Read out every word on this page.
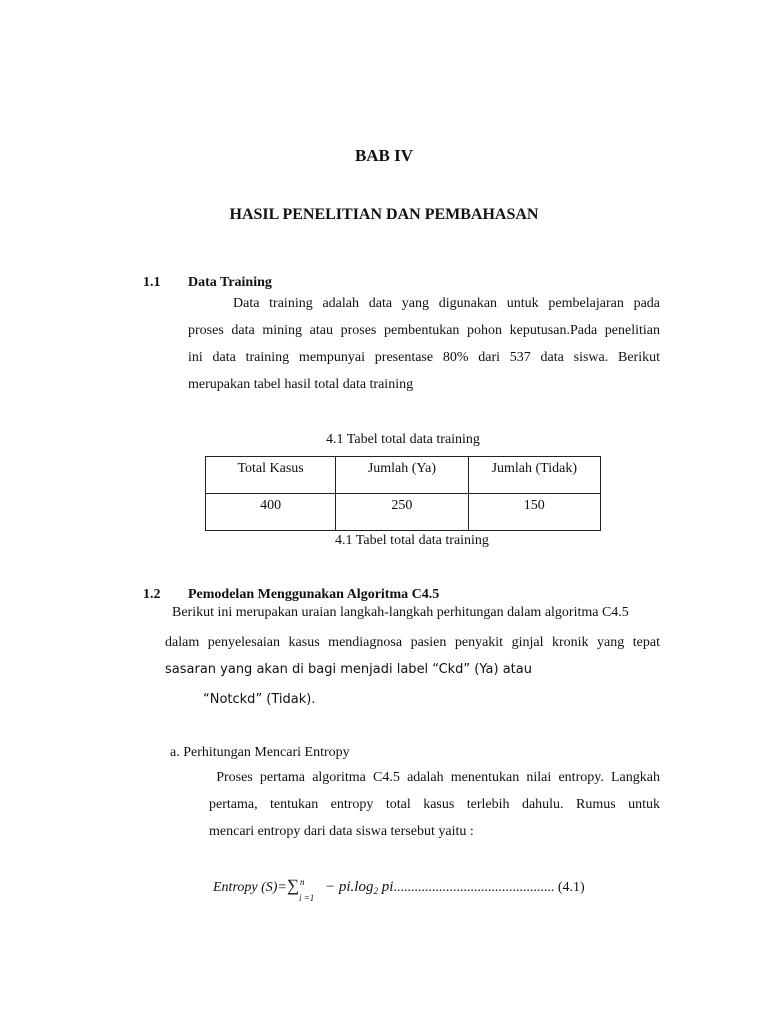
BAB IV
HASIL PENELITIAN DAN PEMBAHASAN
1.1 Data Training

Data training adalah data yang digunakan untuk pembelajaran pada

proses data mining atau proses pembentukan pohon keputusan.Pada penelitian

ini data training mempunyai presentase 80% dari 537 data siswa. Berikut

merupakan tabel hasil total data training

4.1 Tabel total data training
Total Kasus	Jumlah (Ya)	Jumlah (Tidak)
400	250	150
4.1 Tabel total data training
1.2 Pemodelan Menggunakan Algoritma C4.5
Berikut ini merupakan uraian langkah-langkah perhitungan dalam algoritma C4.5
dalam penyelesaian kasus mendiagnosa pasien penyakit ginjal kronik yang tepat
sasaran yang akan di bagi menjadi label “Ckd” (Ya) atau
“Notckd” (Tidak).
a. Perhitungan Mencari Entropy

Proses pertama algoritma C4.5 adalah menentukan nilai entropy. Langkah

pertama, tentukan entropy total kasus terlebih dahulu. Rumus untuk

mencari entropy dari data siswa tersebut yaitu :

Entropy (S)=∑ n
i =1
− $pi.\log_2$ pi.............................................. (4.1)
